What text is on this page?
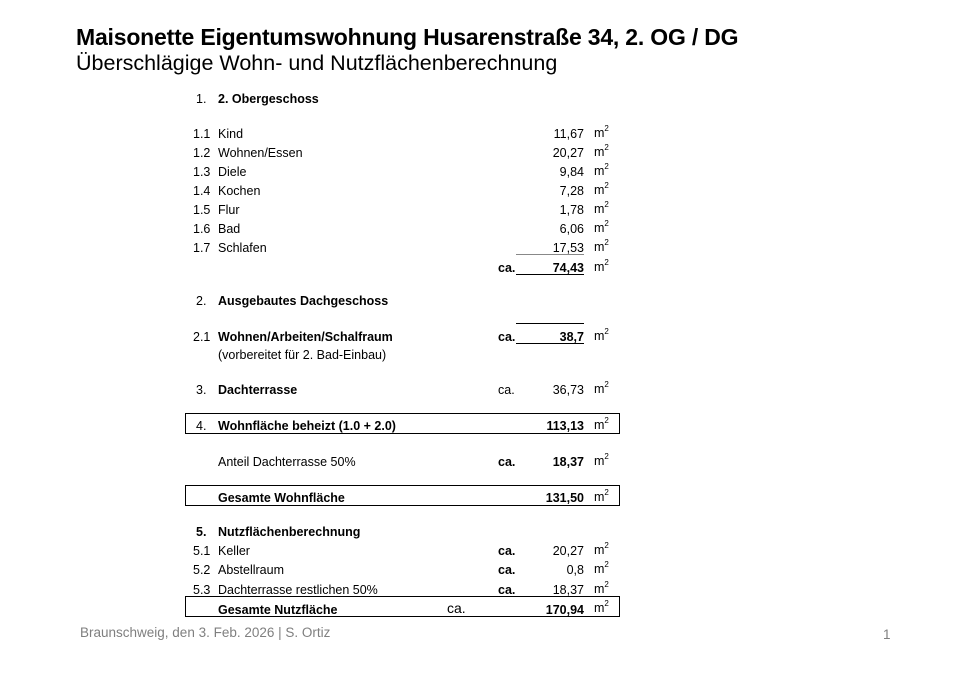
Maisonette Eigentumswohnung Husarenstraße 34, 2. OG / DG
Überschlägige Wohn- und Nutzflächenberechnung
1. 2. Obergeschoss
1.1 Kind	11,67 $m^2$
1.2 Wohnen/Essen	20,27 $m^2$
1.3 Diele	9,84 $m^2$
1.4 Kochen	7,28 $m^2$
1.5 Flur	1,78 $m^2$
1.6 Bad	6,06 $m^2$
1.7 Schlafen	17,53 $m^2$
ca.	74,43 $m^2$
2. Ausgebautes Dachgeschoss
2.1 Wohnen/Arbeiten/Schalfraum	ca.	38,7 $m^2$
(vorbereitet für 2. Bad-Einbau)
3. Dachterrasse	ca.	36,73 $m^2$
4. Wohnfläche beheizt (1.0 + 2.0)	113,13 $m^2$
Anteil Dachterrasse 50%	ca.	18,37 $m^2$
Gesamte Wohnfläche	131,50 $m^2$
5. Nutzflächenberechnung
5.1 Keller	ca.	20,27 $m^2$
5.2 Abstellraum	ca.	0,8 $m^2$
5.3 Dachterrasse restlichen 50%	ca.	18,37 $m^2$
Gesamte Nutzfläche	ca.	170,94 $m^2$
Braunschweig, den 3. Feb. 2026 | S. Ortiz	1
